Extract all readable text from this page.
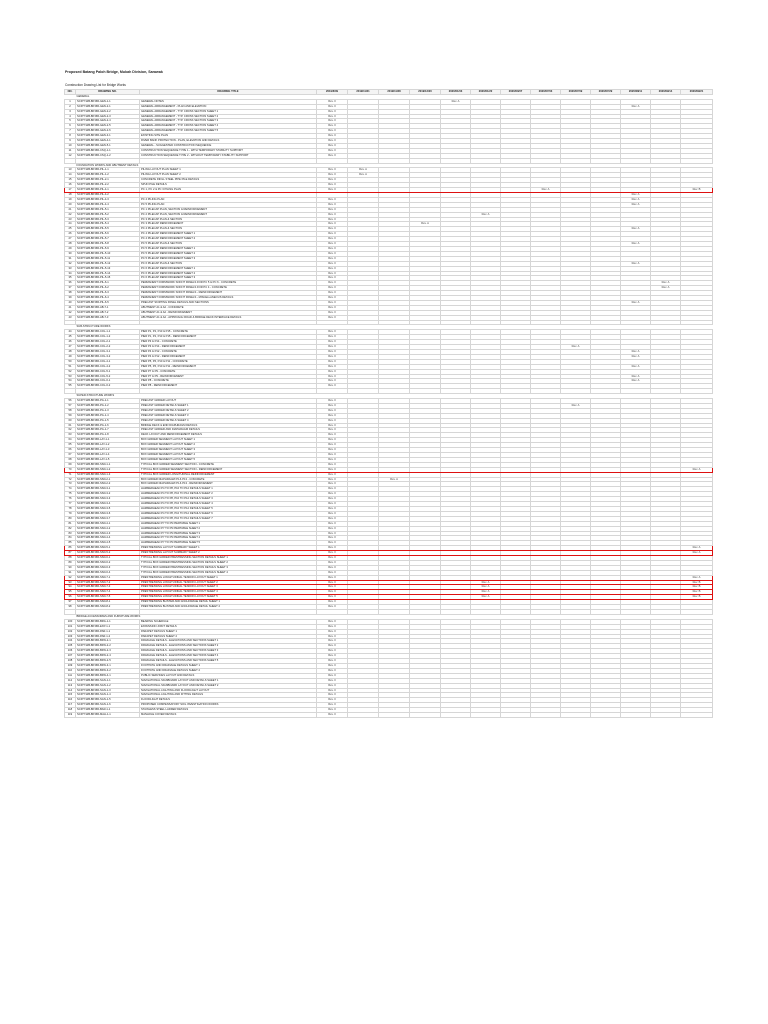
Proposed Batang Paloh Bridge, Mukah Division, Sarawak
Construction Drawing List for Bridge Works
NO.	DRAWING NO.	DRAWING TITLE	2019/6/09	2019/11/21	2019/11/28	2019/12/20	2020/01/03	2020/01/22	2020/03/07	2020/07/03	2020/07/09	2020/07/29	2020/08/11	2020/09/14	2020/09/21
	GENERAL														
1	SCP/T-WB-BP-BR-GEN-1-1	GENERAL NOTES	Rev. 0				Rev. A								
2	SCP/T-WB-BP-BR-GEN-2-1	GENERAL ARRANGEMENT - PLAN AND ELEVATION	Rev. 0										Rev. A		
3	SCP/T-WB-BP-BR-GEN-2-2	GENERAL ARRANGEMENT - TYP. CROSS SECTION SHEET 1	Rev. 0												
4	SCP/T-WB-BP-BR-GEN-2-3	GENERAL ARRANGEMENT - TYP. CROSS SECTION SHEET 2	Rev. 0												
5	SCP/T-WB-BP-BR-GEN-2-4	GENERAL ARRANGEMENT - TYP. CROSS SECTION SHEET 3	Rev. 0												
6	SCP/T-WB-BP-BR-GEN-2-5	GENERAL ARRANGEMENT - TYP. CROSS SECTION SHEET 4	Rev. 0												
7	SCP/T-WB-BP-BR-GEN-2-6	GENERAL ARRANGEMENT - TYP. CROSS SECTION SHEET 5	Rev. 0												
8	SCP/T-WB-BP-BR-GEN-3-1	EXISTING SITE PLAN	Rev. 0												
9	SCP/T-WB-BP-BR-GEN-4-1	RIVER BANK PROTECTION - PLAN, ELEVATION AND DETAILS	Rev. 0												
10	SCP/T-WB-BP-BR-GEN-5-1	GENERAL - SUGGESTED CONSTRUCTION SEQUENCE	Rev. 0												
11	SCP/T-WB-BP-BR-CSQ-1-1	CONSTRUCTION SEQUENCE TYPE 1 - WITH TEMPORARY STABILITY SUPPORT	Rev. 0												
12	SCP/T-WB-BP-BR-CSQ-1-2	CONSTRUCTION SEQUENCE TYPE 2 - WITHOUT TEMPORARY STABILITY SUPPORT	Rev. 0												

	FOUNDATION WORKS AND ABUTMENT DETAILS														
13	SCP/T-WB-BP-BR-PIL-1-1	PILING LAYOUT PLAN SHEET 1	Rev. 0	Rev. A											
14	SCP/T-WB-BP-BR-PIL-1-2	PILING LAYOUT PLAN SHEET 2	Rev. 0	Rev. A											
15	SCP/T-WB-BP-BR-PIL-2-1	CONCRETE INFILL STEEL PIPE PILE DETAILS	Rev. 0												
16	SCP/T-WB-BP-BR-PIL-2-2	SPUN PILE DETAILS	Rev. 0												
17	SCP/T-WB-BP-BR-PIL-4-1	PC 1, PC 2 & PC 3 PILING PLAN	Rev. 0							Rev. A					Rev. B
18	SCP/T-WB-BP-BR-PIL-4-2												Rev. A		
19	SCP/T-WB-BP-BR-PIL-4-3	PC 4 PILING PLAN	Rev. 0										Rev. A		
20	SCP/T-WB-BP-BR-PIL-4-4	PC 5 PILING PLAN	Rev. 0										Rev. A		
21	SCP/T-WB-BP-BR-PIL-5-1	PC 1 PILECAP PLAN, SECTION & REINFORCEMENT	Rev. 0												
22	SCP/T-WB-BP-BR-PIL-5-2	PC 2 PILECAP PLAN, SECTION & REINFORCEMENT	Rev. 0					Rev. A							
23	SCP/T-WB-BP-BR-PIL-5-3	PC 3 PILECAP PLAN & SECTION	Rev. 0												
24	SCP/T-WB-BP-BR-PIL-5-4	PC 3 PILECAP REINFORCEMENT	Rev. 0			Rev. A									
25	SCP/T-WB-BP-BR-PIL-5-5	PC 4 PILECAP PLAN & SECTION	Rev. 0										Rev. A		
26	SCP/T-WB-BP-BR-PIL-5-6	PC 4 PILECAP REINFORCEMENT SHEET 1	Rev. 0												
27	SCP/T-WB-BP-BR-PIL-5-7	PC 4 PILECAP REINFORCEMENT SHEET 2	Rev. 0												
28	SCP/T-WB-BP-BR-PIL-5-8	PC 5 PILECAP PLAN & SECTION	Rev. 0										Rev. A		
29	SCP/T-WB-BP-BR-PIL-5-9	PC 5 PILECAP REINFORCEMENT SHEET 1	Rev. 0												
30	SCP/T-WB-BP-BR-PIL-5-10	PC 5 PILECAP REINFORCEMENT SHEET 2	Rev. 0												
31	SCP/T-WB-BP-BR-PIL-5-11	PC 5 PILECAP REINFORCEMENT SHEET 3	Rev. 0												
32	SCP/T-WB-BP-BR-PIL-5-12	PC 6 PILECAP PLAN & SECTION	Rev. 0										Rev. A		
33	SCP/T-WB-BP-BR-PIL-5-13	PC 6 PILECAP REINFORCEMENT SHEET 1	Rev. 0												
34	SCP/T-WB-BP-BR-PIL-5-14	PC 6 PILECAP REINFORCEMENT SHEET 2	Rev. 0												
35	SCP/T-WB-BP-BR-PIL-5-15	PC 6 PILECAP REINFORCEMENT SHEET 3	Rev. 0												
36	SCP/T-WB-BP-BR-PIL-6-1	PERMANENT FORMWORK SOFFIT PANELS FOR PC 5 & PC 6 - CONCRETE	Rev. 0											Rev. A	
37	SCP/T-WB-BP-BR-PIL-6-2	PERMANENT FORMWORK SOFFIT PANELS FOR PC 4 - CONCRETE	Rev. 0											Rev. A	
38	SCP/T-WB-BP-BR-PIL-6-3	PERMANENT FORMWORK SOFFIT PANELS - REINFORCEMENT	Rev. 0												
39	SCP/T-WB-BP-BR-PIL-6-4	PERMANENT FORMWORK SOFFIT PANELS - MISCELLANEOUS DETAILS	Rev. 0												
40	SCP/T-WB-BP-BR-PIL-6-5	PRECAST SKIRTING PANEL DETAILS AND SECTIONS	Rev. 0										Rev. A		
41	SCP/T-WB-BP-BR-AB-7-1	ABUTMENT A1 & A2 - CONCRETE	Rev. 0												
42	SCP/T-WB-BP-BR-AB-7-2	ABUTMENT A1 & A2 - REINFORCEMENT	Rev. 0												
43	SCP/T-WB-BP-BR-AB-7-3	ABUTMENT A1 & A2 - APPROACH ROAD & BRIDGE DECK INTERFACE DETAILS	Rev. 0												

	SUB-STRUCTURE WORKS														
44	SCP/T-WB-BP-BR-COL-1-1	PIER P1, P2, P13 & P15 - CONCRETE	Rev. 0												
45	SCP/T-WB-BP-BR-COL-1-2	PIER P1, P2, P13 & P15 - REINFORCEMENT	Rev. 0												
46	SCP/T-WB-BP-BR-COL-2-1	PIER P3 & P14 - CONCRETE	Rev. 0												
47	SCP/T-WB-BP-BR-COL-2-2	PIER P3 & P14 - REINFORCEMENT	Rev. 0								Rev. A				
48	SCP/T-WB-BP-BR-COL-3-1	PIER P4 & P12 - CONCRETE	Rev. 0										Rev. A		
49	SCP/T-WB-BP-BR-COL-3-2	PIER P4 & P12 - REINFORCEMENT	Rev. 0										Rev. A		
50	SCP/T-WB-BP-BR-COL-4-1	PIER P5, P6, P10 & P11 - CONCRETE	Rev. 0												
51	SCP/T-WB-BP-BR-COL-4-2	PIER P5, P6, P10 & P11 - REINFORCEMENT	Rev. 0										Rev. A		
52	SCP/T-WB-BP-BR-COL-5-1	PIER P7 & P9 - CONCRETE	Rev. 0												
53	SCP/T-WB-BP-BR-COL-5-2	PIER P7 & P9 - REINFORCEMENT	Rev. 0										Rev. A		
54	SCP/T-WB-BP-BR-COL-6-1	PIER P8 - CONCRETE	Rev. 0										Rev. A		
55	SCP/T-WB-BP-BR-COL-6-2	PIER P8 - REINFORCEMENT	Rev. 0												

	SUPER-STRUCTURE WORKS														
56	SCP/T-WB-BP-BR-PG-1-1	PRECAST GIRDER LAYOUT	Rev. 0												
57	SCP/T-WB-BP-BR-PG-1-2	PRECAST GIRDER DETAILS SHEET 1	Rev. 0								Rev. A				
58	SCP/T-WB-BP-BR-PG-1-3	PRECAST GIRDER DETAILS SHEET 2	Rev. 0												
59	SCP/T-WB-BP-BR-PG-1-4	PRECAST GIRDER DETAILS SHEET 3	Rev. 0												
60	SCP/T-WB-BP-BR-PG-1-5	PRECAST GIRDER DETAILS SHEET 4	Rev. 0												
61	SCP/T-WB-BP-BR-PG-1-6	BRIDGE DECK & END DIAPHRAGM DETAILS	Rev. 0												
62	SCP/T-WB-BP-BR-PG-1-7	PRECAST GIRDER AND DIAPHRAGM DETAILS	Rev. 0												
63	SCP/T-WB-BP-BR-PG-1-8	DECK LAYOUT AND REINFORCEMENT DETAILS	Rev. 0												
64	SCP/T-WB-BP-BR-LAY-1-1	BOX GIRDER SEGMENT LAYOUT SHEET 1	Rev. 0												
65	SCP/T-WB-BP-BR-LAY-1-2	BOX GIRDER SEGMENT LAYOUT SHEET 2	Rev. 0												
66	SCP/T-WB-BP-BR-LAY-1-3	BOX GIRDER SEGMENT LAYOUT SHEET 3	Rev. 0												
67	SCP/T-WB-BP-BR-LAY-1-4	BOX GIRDER SEGMENT LAYOUT SHEET 4	Rev. 0												
68	SCP/T-WB-BP-BR-LAY-1-5	BOX GIRDER SEGMENT LAYOUT SHEET 5	Rev. 0												
69	SCP/T-WB-BP-BR-SSD-1-1	TYPICAL BOX GIRDER SEGMENT SECTION - CONCRETE	Rev. 0												
70	SCP/T-WB-BP-BR-SSD-1-2	TYPICAL BOX GIRDER SEGMENT SECTION - REINFORCEMENT	Rev. 0												Rev. A
71	SCP/T-WB-BP-BR-SSD-1-3	TYPICAL BOX GIRDER LONGITUDINAL REINFORCEMENT	Rev. 0												
72	SCP/T-WB-BP-BR-SSD-2-1	BOX GIRDER DIAPHRAGM P3 & P13 - CONCRETE	Rev. 0		Rev. A										
73	SCP/T-WB-BP-BR-SSD-2-2	BOX GIRDER DIAPHRAGM P3 & P13 - REINFORCEMENT	Rev. 0												
74	SCP/T-WB-BP-BR-SSD-3-1	HAMMERHEAD P4 TO P8, P10 TO P12 DETAILS SHEET 1	Rev. 0												
75	SCP/T-WB-BP-BR-SSD-3-2	HAMMERHEAD P4 TO P8, P10 TO P12 DETAILS SHEET 2	Rev. 0												
76	SCP/T-WB-BP-BR-SSD-3-3	HAMMERHEAD P4 TO P8, P10 TO P12 DETAILS SHEET 3	Rev. 0												
77	SCP/T-WB-BP-BR-SSD-3-4	HAMMERHEAD P4 TO P8, P10 TO P12 DETAILS SHEET 4	Rev. 0												
78	SCP/T-WB-BP-BR-SSD-3-5	HAMMERHEAD P4 TO P8, P10 TO P12 DETAILS SHEET 5	Rev. 0												
79	SCP/T-WB-BP-BR-SSD-3-6	HAMMERHEAD P4 TO P8, P10 TO P12 DETAILS SHEET 6	Rev. 0												
80	SCP/T-WB-BP-BR-SSD-3-7	HAMMERHEAD P4 TO P8, P10 TO P12 DETAILS SHEET 7	Rev. 0												
81	SCP/T-WB-BP-BR-SSD-4-1	HAMMERHEAD P7 TO P9 PIERTABLE SHEET 1	Rev. 0												
82	SCP/T-WB-BP-BR-SSD-4-2	HAMMERHEAD P7 TO P9 PIERTABLE SHEET 2	Rev. 0												
83	SCP/T-WB-BP-BR-SSD-4-3	HAMMERHEAD P7 TO P9 PIERTABLE SHEET 3	Rev. 0												
84	SCP/T-WB-BP-BR-SSD-4-4	HAMMERHEAD P7 TO P9 PIERTABLE SHEET 4	Rev. 0												
85	SCP/T-WB-BP-BR-SSD-4-5	HAMMERHEAD P7 TO P9 PIERTABLE SHEET 5	Rev. 0												
86	SCP/T-WB-BP-BR-SSD-5-1	PRESTRESSING LAYOUT SUMMARY SHEET 1	Rev. 0												Rev. A
87	SCP/T-WB-BP-BR-SSD-5-2	PRESTRESSING LAYOUT SUMMARY SHEET 2	Rev. 0												Rev. A
88	SCP/T-WB-BP-BR-SSD-6-1	TYPICAL BOX GIRDER PRESTRESSING SECTION DETAILS SHEET 1	Rev. 0												
89	SCP/T-WB-BP-BR-SSD-6-2	TYPICAL BOX GIRDER PRESTRESSING SECTION DETAILS SHEET 2	Rev. 0												
90	SCP/T-WB-BP-BR-SSD-6-3	TYPICAL BOX GIRDER PRESTRESSING SECTION DETAILS SHEET 3	Rev. 0												
91	SCP/T-WB-BP-BR-SSD-6-4	TYPICAL BOX GIRDER PRESTRESSING SECTION DETAILS SHEET 4	Rev. 0												
92	SCP/T-WB-BP-BR-SSD-7-1	PRESTRESSING LONGITUDINAL TENDON LAYOUT SHEET 1	Rev. 0												Rev. A
93	SCP/T-WB-BP-BR-SSD-7-2	PRESTRESSING LONGITUDINAL TENDON LAYOUT SHEET 2	Rev. 0					Rev. A							Rev. B
94	SCP/T-WB-BP-BR-SSD-7-3	PRESTRESSING LONGITUDINAL TENDON LAYOUT SHEET 3	Rev. 0					Rev. A							Rev. B
95	SCP/T-WB-BP-BR-SSD-7-4	PRESTRESSING LONGITUDINAL TENDON LAYOUT SHEET 4	Rev. 0					Rev. A							Rev. B
96	SCP/T-WB-BP-BR-SSD-7-5	PRESTRESSING LONGITUDINAL TENDON LAYOUT SHEET 5	Rev. 0					Rev. A							Rev. B
97	SCP/T-WB-BP-BR-SSD-8-1	PRESTRESSING BLISTER AND ANCHORAGE DETAIL SHEET 1	Rev. 0												
98	SCP/T-WB-BP-BR-SSD-8-2	PRESTRESSING BLISTER AND ANCHORAGE DETAIL SHEET 2	Rev. 0												

	BRIDGE ACCESSORIES AND FURNITURE WORKS														
100	SCP/T-WB-BP-BR-BRG-1-1	BEARING SCHEDULE	Rev. 0												
101	SCP/T-WB-BP-BR-EXP-1-1	EXPANSION JOINT DETAILS	Rev. 0												
102	SCP/T-WB-BP-BR-PAR-1-1	PARAPET DETAILS SHEET 1	Rev. 0												
103	SCP/T-WB-BP-BR-PAR-1-2	PARAPET DETAILS SHEET 2	Rev. 0												
104	SCP/T-WB-BP-BR-BFW-2-1	DRAINAGE DETAILS - ELEVATIONS AND SECTIONS SHEET 1	Rev. 0												
105	SCP/T-WB-BP-BR-BFW-2-2	DRAINAGE DETAILS - ELEVATIONS AND SECTIONS SHEET 2	Rev. 0												
106	SCP/T-WB-BP-BR-BFW-2-3	DRAINAGE DETAILS - ELEVATIONS AND SECTIONS SHEET 3	Rev. 0												
107	SCP/T-WB-BP-BR-BFW-2-4	DRAINAGE DETAILS - ELEVATIONS AND SECTIONS SHEET 4	Rev. 0												
108	SCP/T-WB-BP-BR-BFW-2-5	DRAINAGE DETAILS - ELEVATIONS AND SECTIONS SHEET 5	Rev. 0												
109	SCP/T-WB-BP-BR-BFW-3-1	FOOTPATH AND DRAINAGE DETAILS SHEET 1	Rev. 0												
110	SCP/T-WB-BP-BR-BFW-3-2	FOOTPATH AND DRAINAGE DETAILS SHEET 2	Rev. 0												
111	SCP/T-WB-BP-BR-BFW-4-1	PUBLIC SERVICES LAYOUT AND DETAILS	Rev. 0												
112	SCP/T-WB-BP-BR-SGN-1-1	NAVIGATIONAL SIGNBOARD LAYOUT AND DETAILS SHEET 1	Rev. 0												
113	SCP/T-WB-BP-BR-SGN-1-2	NAVIGATIONAL SIGNBOARD LAYOUT AND DETAILS SHEET 2	Rev. 0												
114	SCP/T-WB-BP-BR-SGN-1-3	NAVIGATIONAL LIGHTING AND FLOODLIGHT LAYOUT	Rev. 0												
115	SCP/T-WB-BP-BR-SGN-1-4	NAVIGATIONAL LIGHTING AND FITTING DETAILS	Rev. 0												
116	SCP/T-WB-BP-BR-SGN-1-5	FLOODLIGHT DETAILS	Rev. 0												
117	SCP/T-WB-BP-BR-SGN-1-6	PROPOSED COMPENSATORY SOIL INVESTIGATION WORKS	Rev. 0												
118	SCP/T-WB-BP-BR-BAR-1-1	STAINLESS STEEL LADDER DETAILS	Rev. 0												
119	SCP/T-WB-BP-BR-MAH-1-1	MANHOLE COVER DETAILS	Rev. 0												
